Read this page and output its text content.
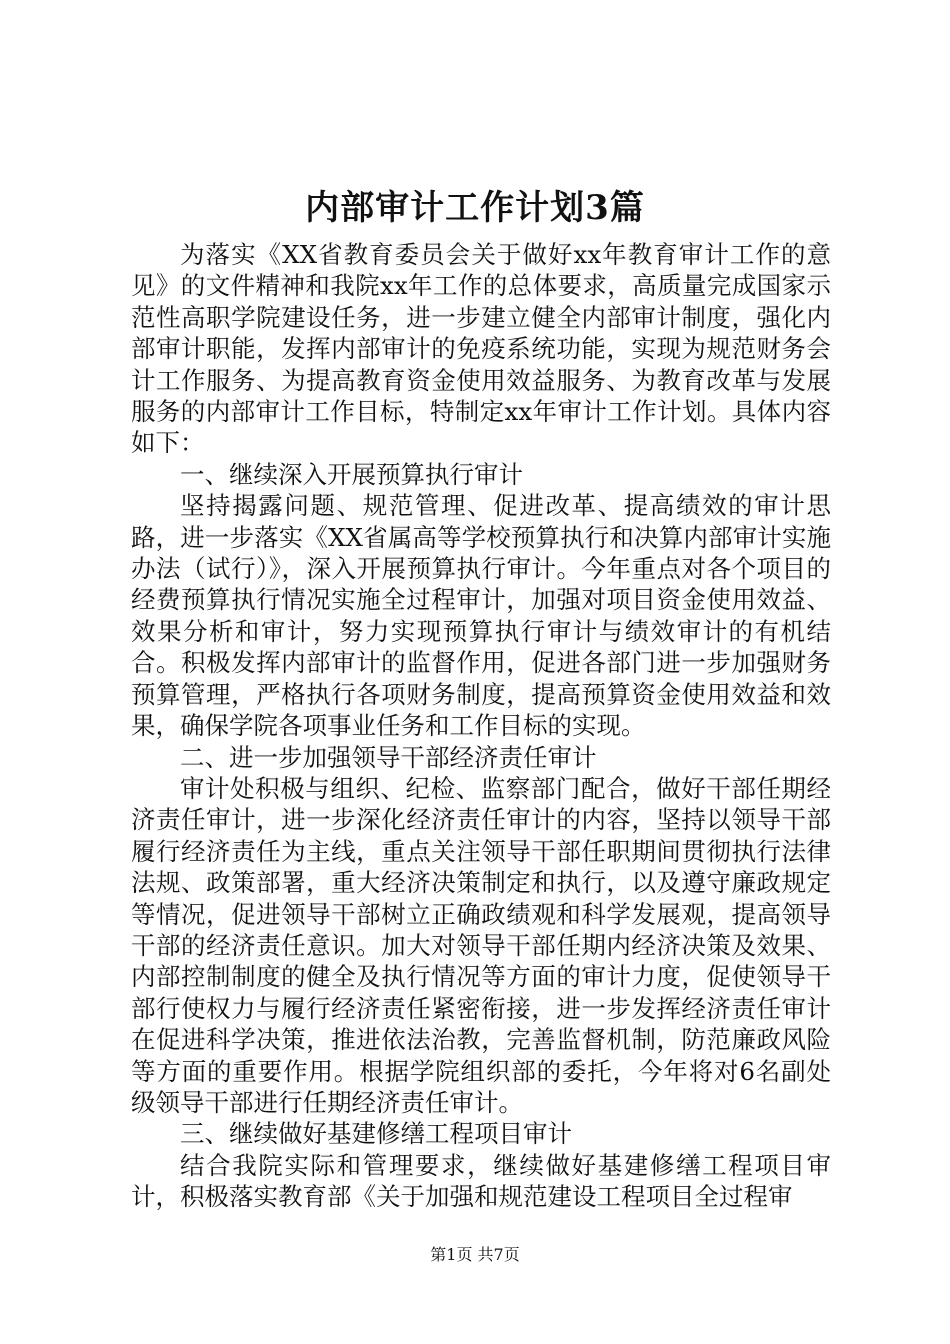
内部审计工作计划3篇

为落实《XX省教育委员会关于做好xx年教育审计工作的意见》的文件精神和我院xx年工作的总体要求，高质量完成国家示范性高职学院建设任务，进一步建立健全内部审计制度，强化内部审计职能，发挥内部审计的免疫系统功能，实现为规范财务会计工作服务、为提高教育资金使用效益服务、为教育改革与发展服务的内部审计工作目标，特制定xx年审计工作计划。具体内容如下：

一、继续深入开展预算执行审计

坚持揭露问题、规范管理、促进改革、提高绩效的审计思路，进一步落实《XX省属高等学校预算执行和决算内部审计实施办法（试行）》，深入开展预算执行审计。今年重点对各个项目的经费预算执行情况实施全过程审计，加强对项目资金使用效益、效果分析和审计，努力实现预算执行审计与绩效审计的有机结合。积极发挥内部审计的监督作用，促进各部门进一步加强财务预算管理，严格执行各项财务制度，提高预算资金使用效益和效果，确保学院各项事业任务和工作目标的实现。

二、进一步加强领导干部经济责任审计

审计处积极与组织、纪检、监察部门配合，做好干部任期经济责任审计，进一步深化经济责任审计的内容，坚持以领导干部履行经济责任为主线，重点关注领导干部任职期间贯彻执行法律法规、政策部署，重大经济决策制定和执行，以及遵守廉政规定等情况，促进领导干部树立正确政绩观和科学发展观，提高领导干部的经济责任意识。加大对领导干部任期内经济决策及效果、内部控制制度的健全及执行情况等方面的审计力度，促使领导干部行使权力与履行经济责任紧密衔接，进一步发挥经济责任审计在促进科学决策，推进依法治教，完善监督机制，防范廉政风险等方面的重要作用。根据学院组织部的委托，今年将对6名副处级领导干部进行任期经济责任审计。

三、继续做好基建修缮工程项目审计

结合我院实际和管理要求，继续做好基建修缮工程项目审计，积极落实教育部《关于加强和规范建设工程项目全过程审

第1页 共7页
